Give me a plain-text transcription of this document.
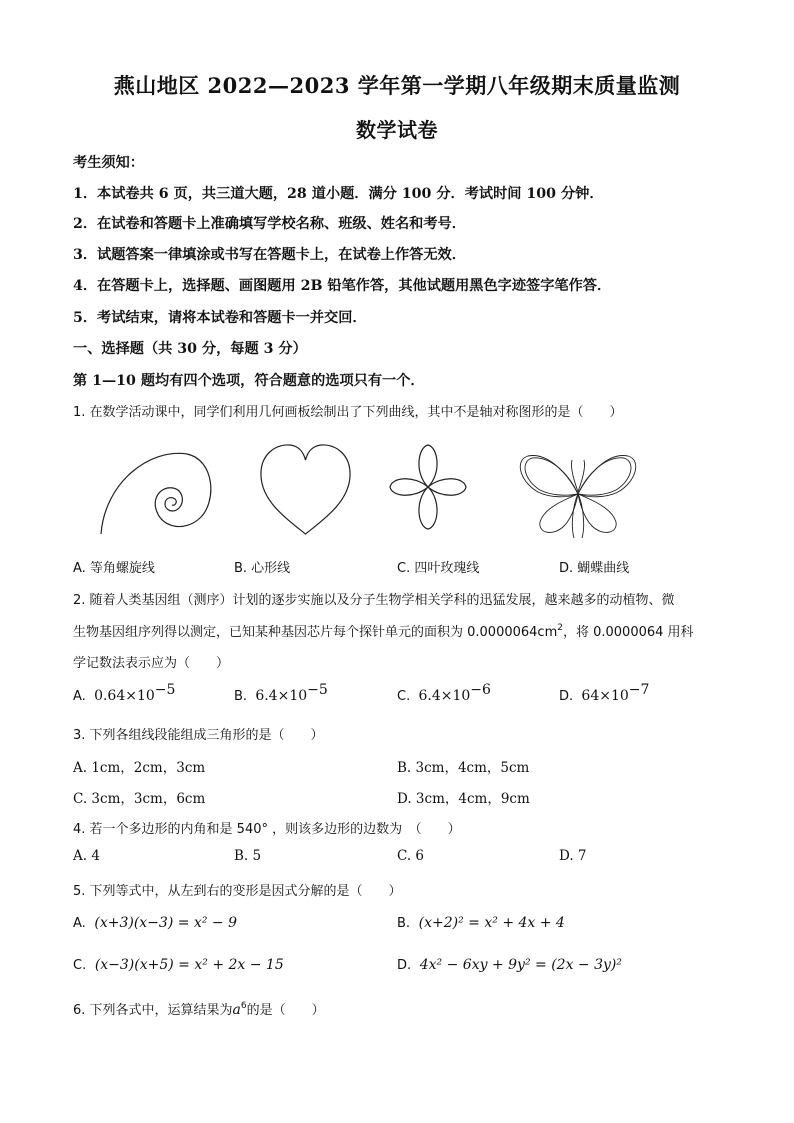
燕山地区 2022—2023 学年第一学期八年级期末质量监测
数学试卷
考生须知：
1．本试卷共 6 页，共三道大题，28 道小题．满分 100 分．考试时间 100 分钟．
2．在试卷和答题卡上准确填写学校名称、班级、姓名和考号．
3．试题答案一律填涂或书写在答题卡上，在试卷上作答无效．
4．在答题卡上，选择题、画图题用 2B 铅笔作答，其他试题用黑色字迹签字笔作答．
5．考试结束，请将本试卷和答题卡一并交回．
一、选择题（共 30 分，每题 3 分）
第 1—10 题均有四个选项，符合题意的选项只有一个．
1. 在数学活动课中，同学们利用几何画板绘制出了下列曲线，其中不是轴对称图形的是（　　）
A. 等角螺旋线	B. 心形线	C. 四叶玫瑰线	D. 蝴蝶曲线
2. 随着人类基因组（测序）计划的逐步实施以及分子生物学相关学科的迅猛发展，越来越多的动植物、微
生物基因组序列得以测定，已知某种基因芯片每个探针单元的面积为 $0.0000064cm^2$，将 0.0000064 用科
学记数法表示应为（　　）
A. $0.64\times 10^{-5}$	B. $6.4\times 10^{-5}$	C. $6.4\times 10^{-6}$	D. $64\times 10^{-7}$
3. 下列各组线段能组成三角形的是（　　）
A. 1cm，2cm，3cm	B. 3cm，4cm，5cm
C. 3cm，3cm，6cm	D. 3cm，4cm，9cm
4. 若一个多边形的内角和是 540° ，则该多边形的边数为　（　　）
A. 4	B. 5	C. 6	D. 7
5. 下列等式中，从左到右的变形是因式分解的是（　　）
A. (x+3)(x−3) = x² − 9	B. (x+2)² = x² + 4x + 4
C. (x−3)(x+5) = x² + 2x − 15	D. 4x² − 6xy + 9y² = (2x − 3y)²
6. 下列各式中，运算结果为$a^6$的是（　　）
